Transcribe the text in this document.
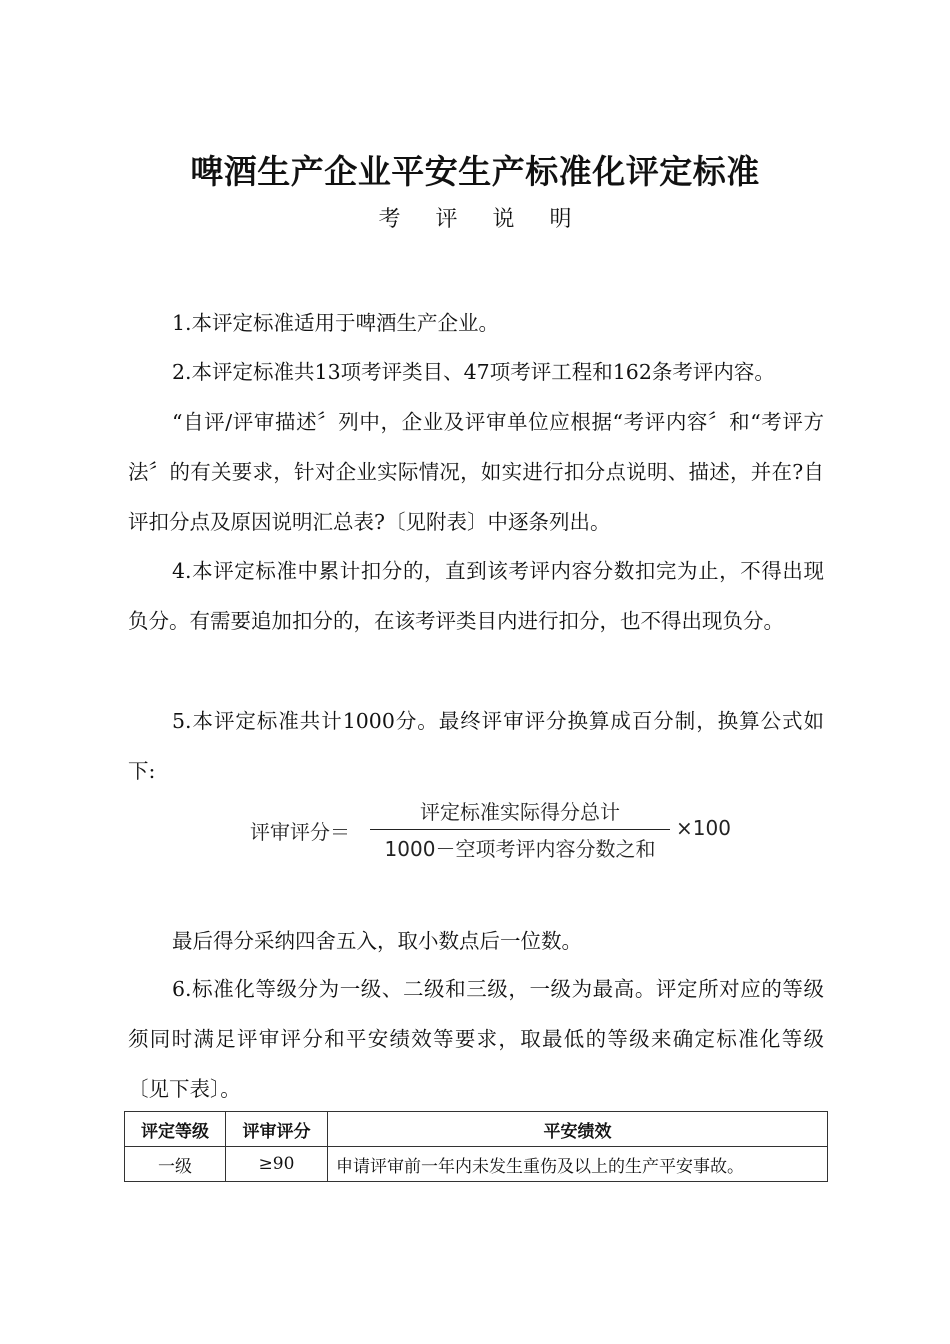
啤酒生产企业平安生产标准化评定标准
考 评 说 明
1.本评定标准适用于啤酒生产企业。
2.本评定标准共13项考评类目、47项考评工程和162条考评内容。
“自评/评审描述〞列中，企业及评审单位应根据“考评内容〞和“考评方法〞的有关要求，针对企业实际情况，如实进行扣分点说明、描述，并在?自评扣分点及原因说明汇总表?〔见附表〕中逐条列出。
4.本评定标准中累计扣分的，直到该考评内容分数扣完为止，不得出现负分。有需要追加扣分的，在该考评类目内进行扣分，也不得出现负分。
5.本评定标准共计1000分。最终评审评分换算成百分制，换算公式如下:
评审评分＝
评定标准实际得分总计
1000－空项考评内容分数之和
×100
最后得分采纳四舍五入，取小数点后一位数。
6.标准化等级分为一级、二级和三级，一级为最高。评定所对应的等级须同时满足评审评分和平安绩效等要求，取最低的等级来确定标准化等级〔见下表〕。
评定等级	评审评分	平安绩效
一级	≥90	申请评审前一年内未发生重伤及以上的生产平安事故。
